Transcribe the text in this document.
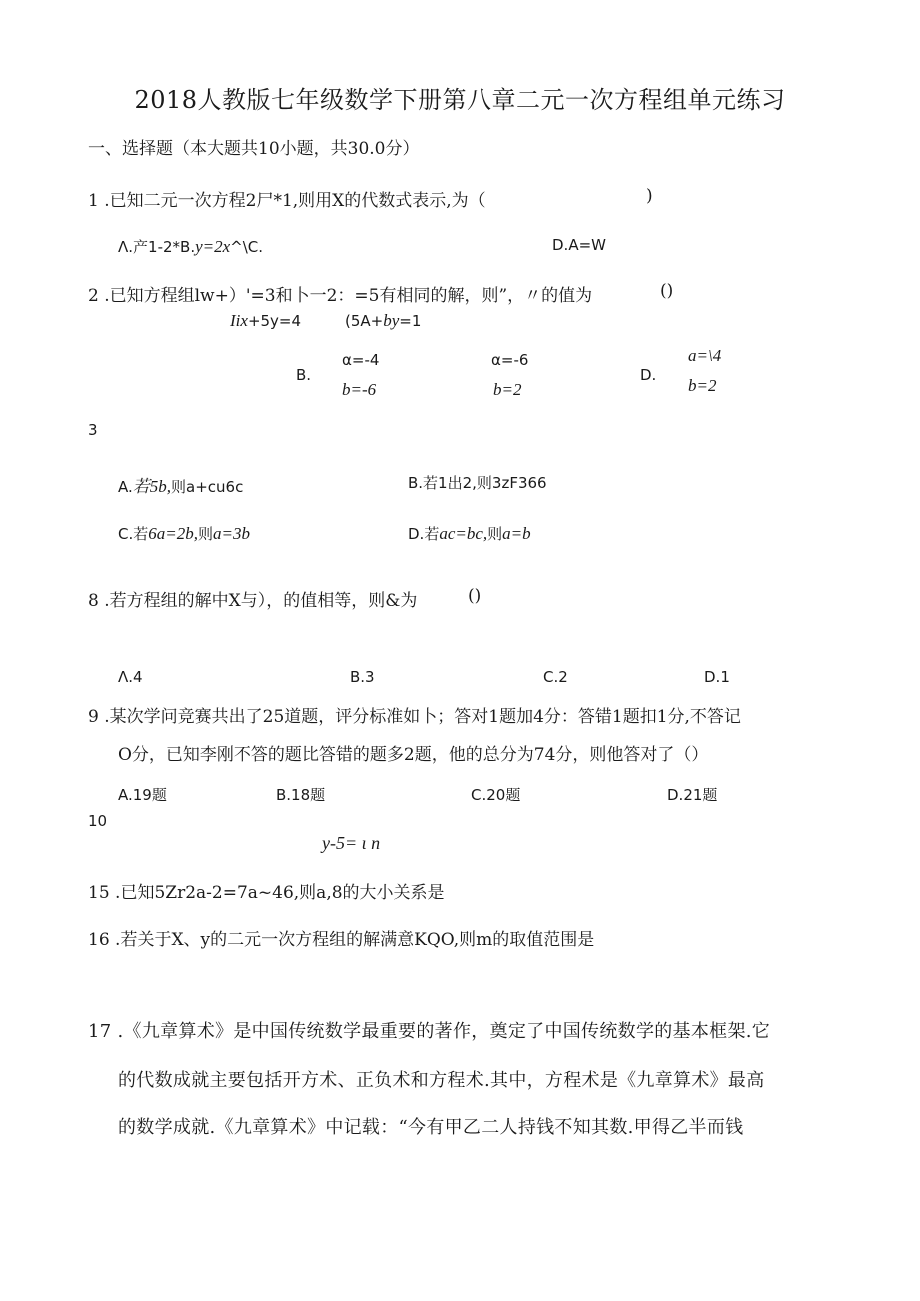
2018人教版七年级数学下册第八章二元一次方程组单元练习
一、选择题（本大题共10小题，共30.0分）
1 .已知二元一次方程2尸*1,则用X的代数式表示,为（	)
Λ.产1-2*B.y=2x^\C.	D.A=W
2 .已知方程组lw+）'=3和卜一2：=5有相同的解，则”，〃的值为	()
Iix+5y=4	(5A+by=1
B.
α=-4
b=-6
α=-6
b=2
D.
a=\4
b=2
3
A.若5b,则a+cu6c	B.若1出2,则3zF366
C.若6a=2b,则a=3b	D.若ac=bc,则a=b
8 .若方程组的解中X与），的值相等，则&为	()
Λ.4	B.3	C.2	D.1
9 .某次学问竞赛共出了25道题，评分标准如卜；答对1题加4分：答错1题扣1分,不答记
O分，已知李刚不答的题比答错的题多2题，他的总分为74分，则他答对了（）
A.19题	B.18题	C.20题	D.21题
10
y-5= ι n
15 .已知5Zr2a-2=7a~46,则a,8的大小关系是
16 .若关于X、y的二元一次方程组的解满意KQO,则m的取值范围是
17 .《九章算术》是中国传统数学最重要的著作，奠定了中国传统数学的基本框架.它
的代数成就主要包括开方术、正负术和方程术.其中，方程术是《九章算术》最高
的数学成就.《九章算术》中记载：“今有甲乙二人持钱不知其数.甲得乙半而钱
